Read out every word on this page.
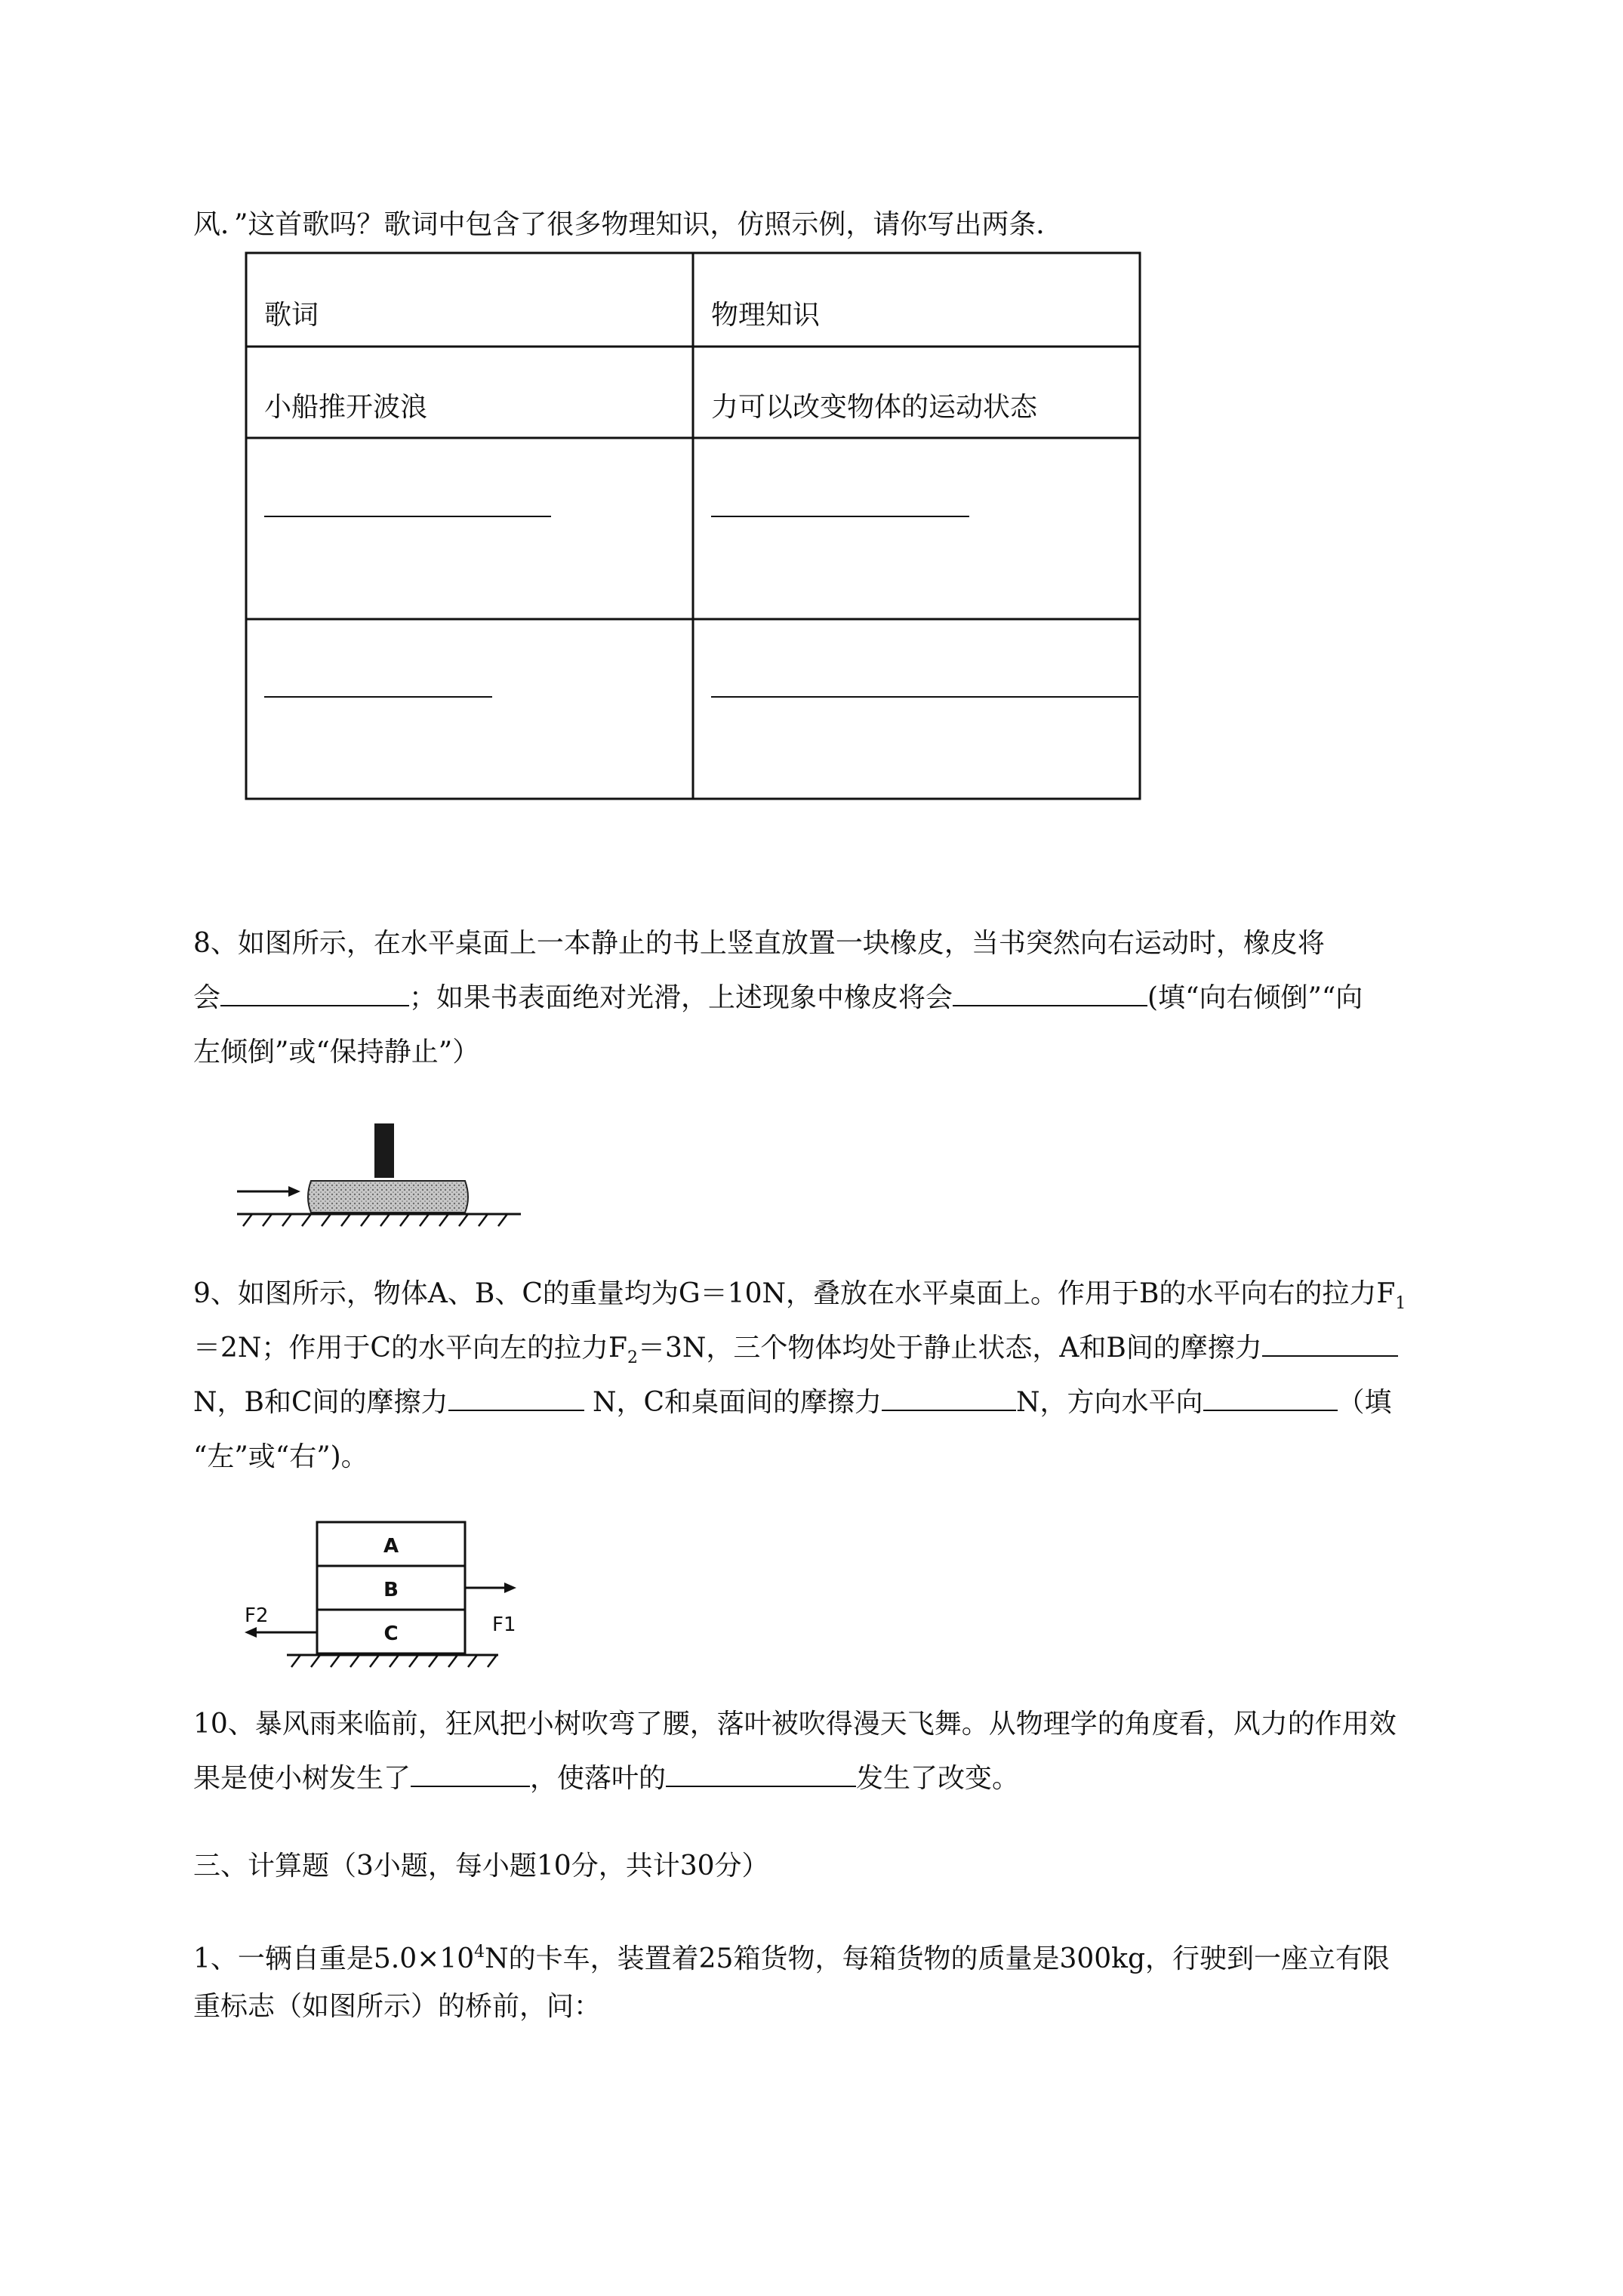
风．”这首歌吗？歌词中包含了很多物理知识，仿照示例，请你写出两条．

歌词	物理知识
小船推开波浪	力可以改变物体的运动状态

8、如图所示，在水平桌面上一本静止的书上竖直放置一块橡皮，当书突然向右运动时，橡皮将

会	；如果书表面绝对光滑，上述现象中橡皮将会	(填“向右倾倒”“向

左倾倒”或“保持静止”）

9、如图所示，物体A、B、C的重量均为G＝10N，叠放在水平桌面上。作用于B的水平向右的拉力$F_1$

＝2N；作用于C的水平向左的拉力$F_2=3N$，三个物体均处于静止状态，A和B间的摩擦力

N，B和C间的摩擦力	N，C和桌面间的摩擦力	N，方向水平向	（填

“左”或“右”)。

A
B
C	F1
F2

10、暴风雨来临前，狂风把小树吹弯了腰，落叶被吹得漫天飞舞。从物理学的角度看，风力的作用效

果是使小树发生了	，使落叶的	发生了改变。

三、计算题（3小题，每小题10分，共计30分）

1、一辆自重是$5.0\times 10^4N$的卡车，装置着25箱货物，每箱货物的质量是300kg，行驶到一座立有限

重标志（如图所示）的桥前，问：
